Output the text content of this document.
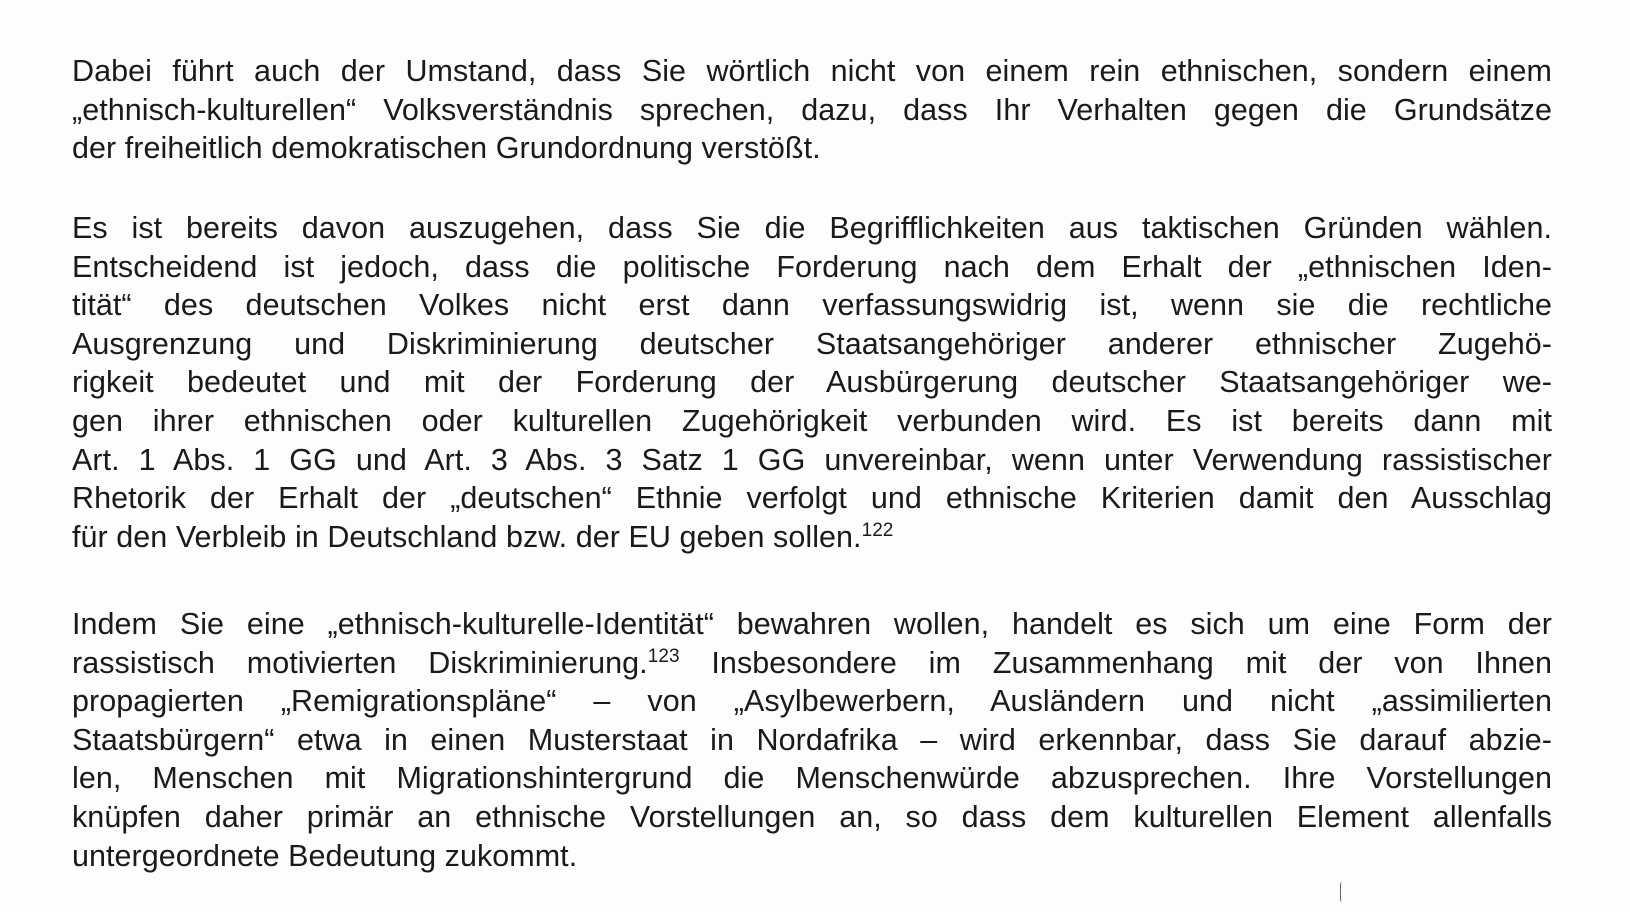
Dabei führt auch der Umstand, dass Sie wörtlich nicht von einem rein ethnischen, sondern einem
„ethnisch-kulturellen“ Volksverständnis sprechen, dazu, dass Ihr Verhalten gegen die Grundsätze
der freiheitlich demokratischen Grundordnung verstößt.
Es ist bereits davon auszugehen, dass Sie die Begrifflichkeiten aus taktischen Gründen wählen.
Entscheidend ist jedoch, dass die politische Forderung nach dem Erhalt der „ethnischen Iden-
tität“ des deutschen Volkes nicht erst dann verfassungswidrig ist, wenn sie die rechtliche
Ausgrenzung und Diskriminierung deutscher Staatsangehöriger anderer ethnischer Zugehö-
rigkeit bedeutet und mit der Forderung der Ausbürgerung deutscher Staatsangehöriger we-
gen ihrer ethnischen oder kulturellen Zugehörigkeit verbunden wird. Es ist bereits dann mit
Art. 1 Abs. 1 GG und Art. 3 Abs. 3 Satz 1 GG unvereinbar, wenn unter Verwendung rassistischer
Rhetorik der Erhalt der „deutschen“ Ethnie verfolgt und ethnische Kriterien damit den Ausschlag
für den Verbleib in Deutschland bzw. der EU geben sollen.$^{122}$
Indem Sie eine „ethnisch-kulturelle-Identität“ bewahren wollen, handelt es sich um eine Form der
rassistisch motivierten Diskriminierung.$^{123}$ Insbesondere im Zusammenhang mit der von Ihnen
propagierten „Remigrationspläne“ – von „Asylbewerbern, Ausländern und nicht „assimilierten
Staatsbürgern“ etwa in einen Musterstaat in Nordafrika – wird erkennbar, dass Sie darauf abzie-
len, Menschen mit Migrationshintergrund die Menschenwürde abzusprechen. Ihre Vorstellungen
knüpfen daher primär an ethnische Vorstellungen an, so dass dem kulturellen Element allenfalls
untergeordnete Bedeutung zukommt.
